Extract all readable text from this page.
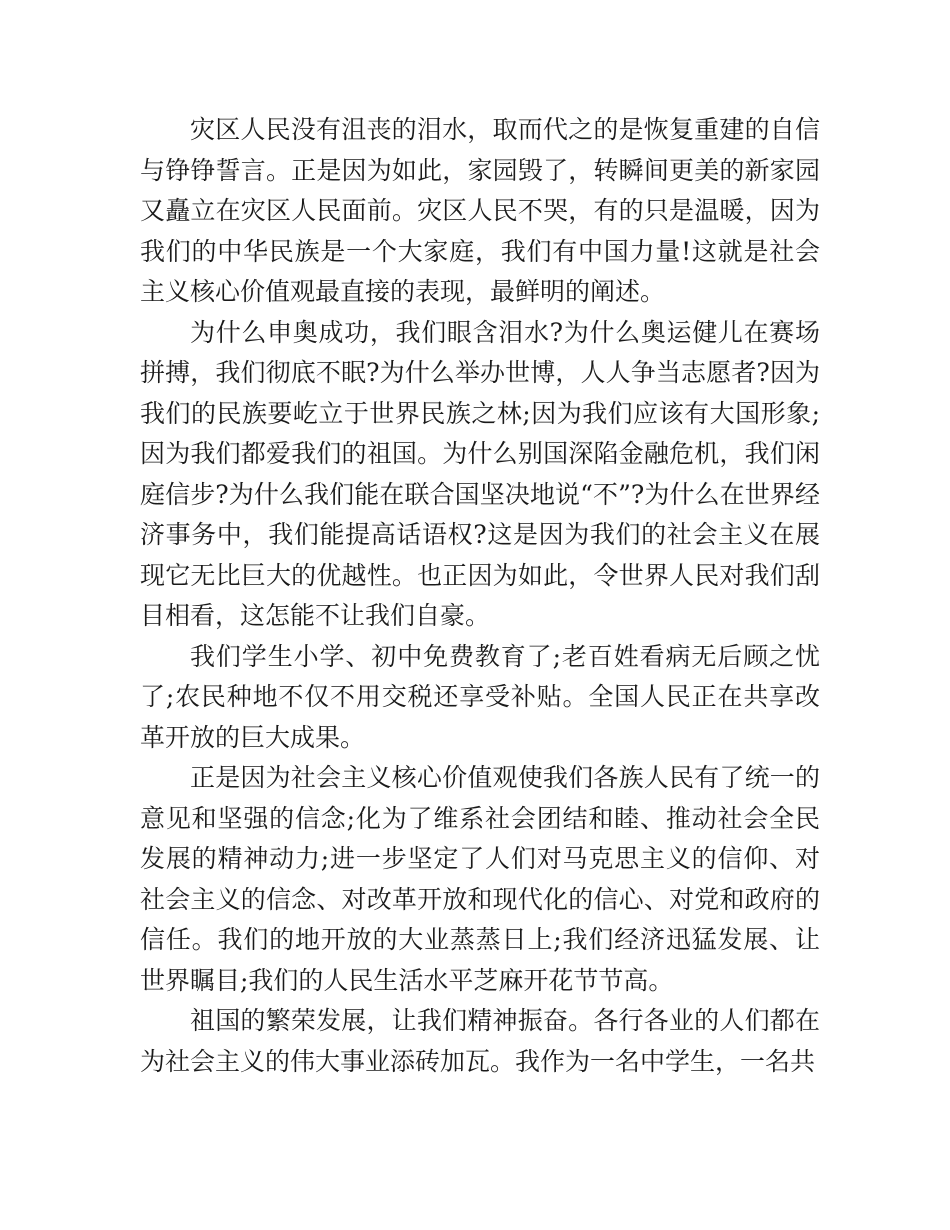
灾区人民没有沮丧的泪水，取而代之的是恢复重建的自信与铮铮誓言。正是因为如此，家园毁了，转瞬间更美的新家园又矗立在灾区人民面前。灾区人民不哭，有的只是温暖，因为我们的中华民族是一个大家庭，我们有中国力量!这就是社会主义核心价值观最直接的表现，最鲜明的阐述。

为什么申奥成功，我们眼含泪水?为什么奥运健儿在赛场拼搏，我们彻底不眠?为什么举办世博，人人争当志愿者?因为我们的民族要屹立于世界民族之林;因为我们应该有大国形象;因为我们都爱我们的祖国。为什么别国深陷金融危机，我们闲庭信步?为什么我们能在联合国坚决地说“不”?为什么在世界经济事务中，我们能提高话语权?这是因为我们的社会主义在展现它无比巨大的优越性。也正因为如此，令世界人民对我们刮目相看，这怎能不让我们自豪。

我们学生小学、初中免费教育了;老百姓看病无后顾之忧了;农民种地不仅不用交税还享受补贴。全国人民正在共享改革开放的巨大成果。

正是因为社会主义核心价值观使我们各族人民有了统一的意见和坚强的信念;化为了维系社会团结和睦、推动社会全民发展的精神动力;进一步坚定了人们对马克思主义的信仰、对社会主义的信念、对改革开放和现代化的信心、对党和政府的信任。我们的地开放的大业蒸蒸日上;我们经济迅猛发展、让世界瞩目;我们的人民生活水平芝麻开花节节高。

祖国的繁荣发展，让我们精神振奋。各行各业的人们都在为社会主义的伟大事业添砖加瓦。我作为一名中学生，一名共
